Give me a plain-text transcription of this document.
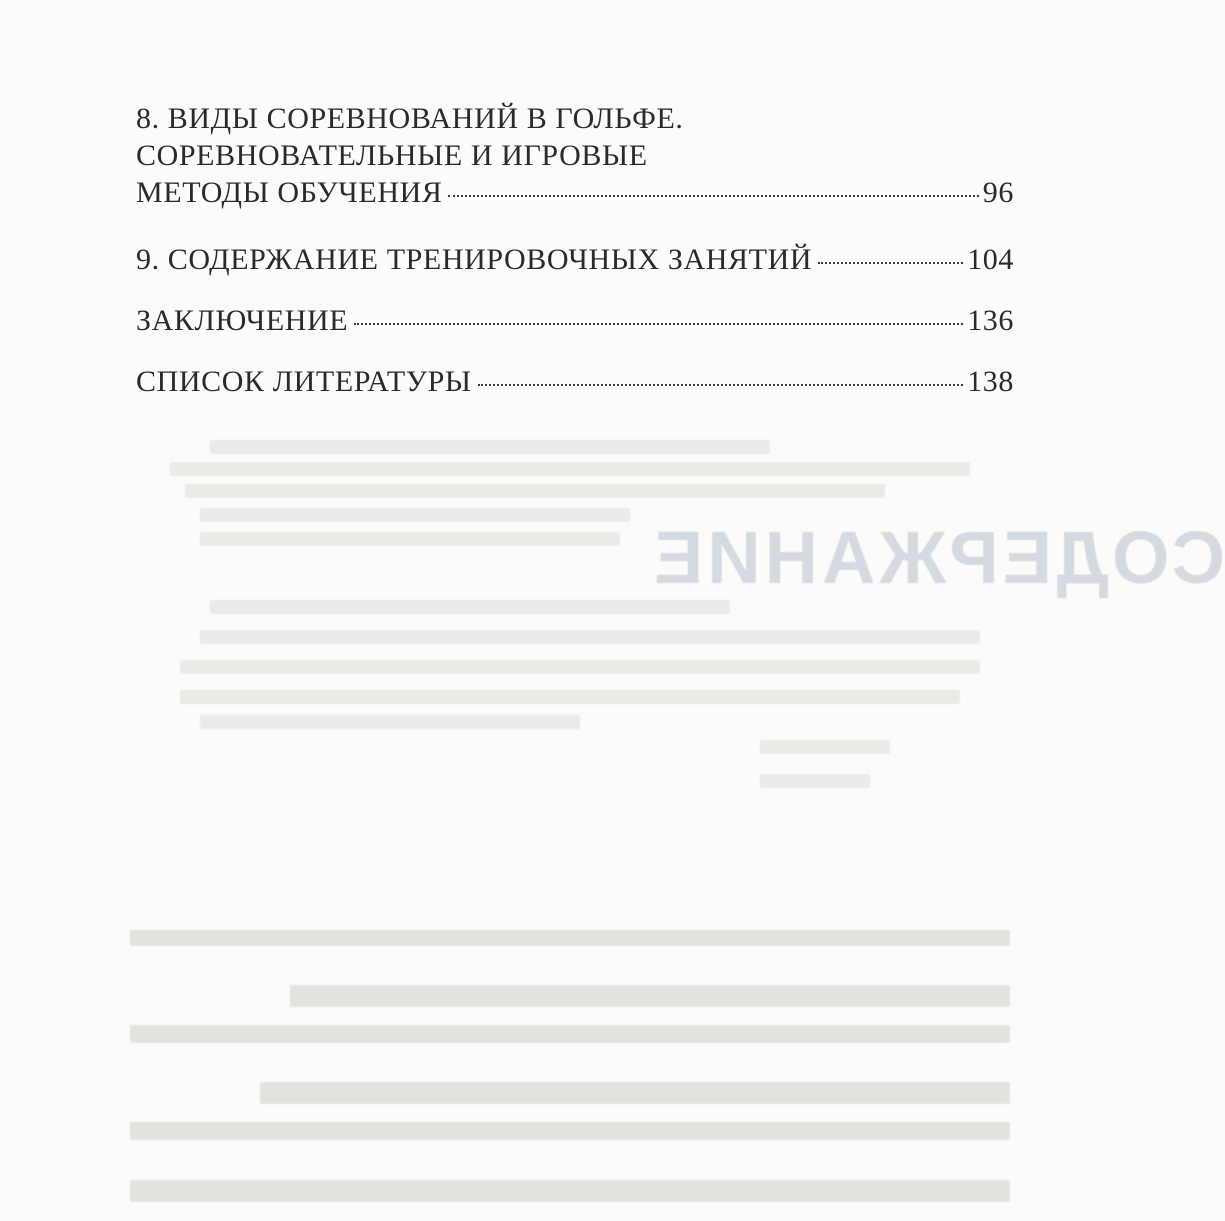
СОДЕРЖАНИЕ
8. ВИДЫ СОРЕВНОВАНИЙ В ГОЛЬФЕ.
СОРЕВНОВАТЕЛЬНЫЕ И ИГРОВЫЕ
МЕТОДЫ ОБУЧЕНИЯ	96
9. СОДЕРЖАНИЕ ТРЕНИРОВОЧНЫХ ЗАНЯТИЙ	104
ЗАКЛЮЧЕНИЕ	136
СПИСОК ЛИТЕРАТУРЫ	138
